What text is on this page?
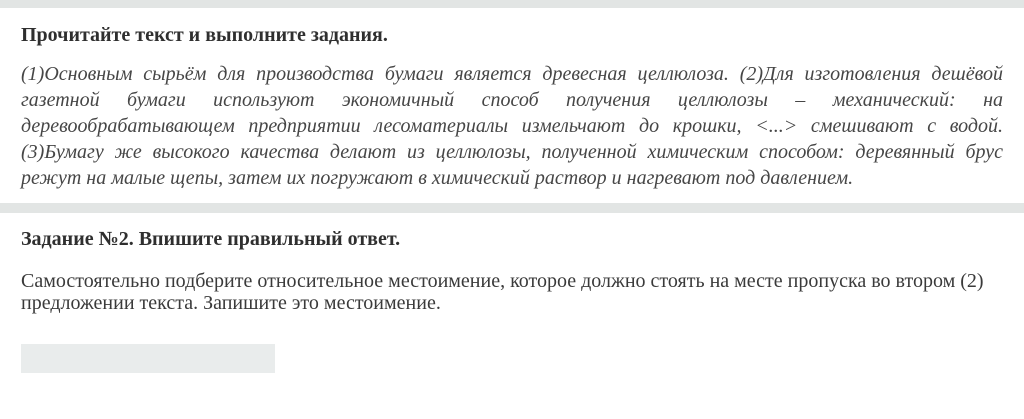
Прочитайте текст и выполните задания.

(1)Основным сырьём для производства бумаги является древесная целлюлоза. (2)Для изготовления дешёвой газетной бумаги используют экономичный способ получения целлюлозы – механический: на деревообрабатывающем предприятии лесоматериалы измельчают до крошки, <...> смешивают с водой. (3)Бумагу же высокого качества делают из целлюлозы, полученной химическим способом: деревянный брус режут на малые щепы, затем их погружают в химический раствор и нагревают под давлением.

Задание №2. Впишите правильный ответ.

Самостоятельно подберите относительное местоимение, которое должно стоять на месте пропуска во втором (2) предложении текста. Запишите это местоимение.
